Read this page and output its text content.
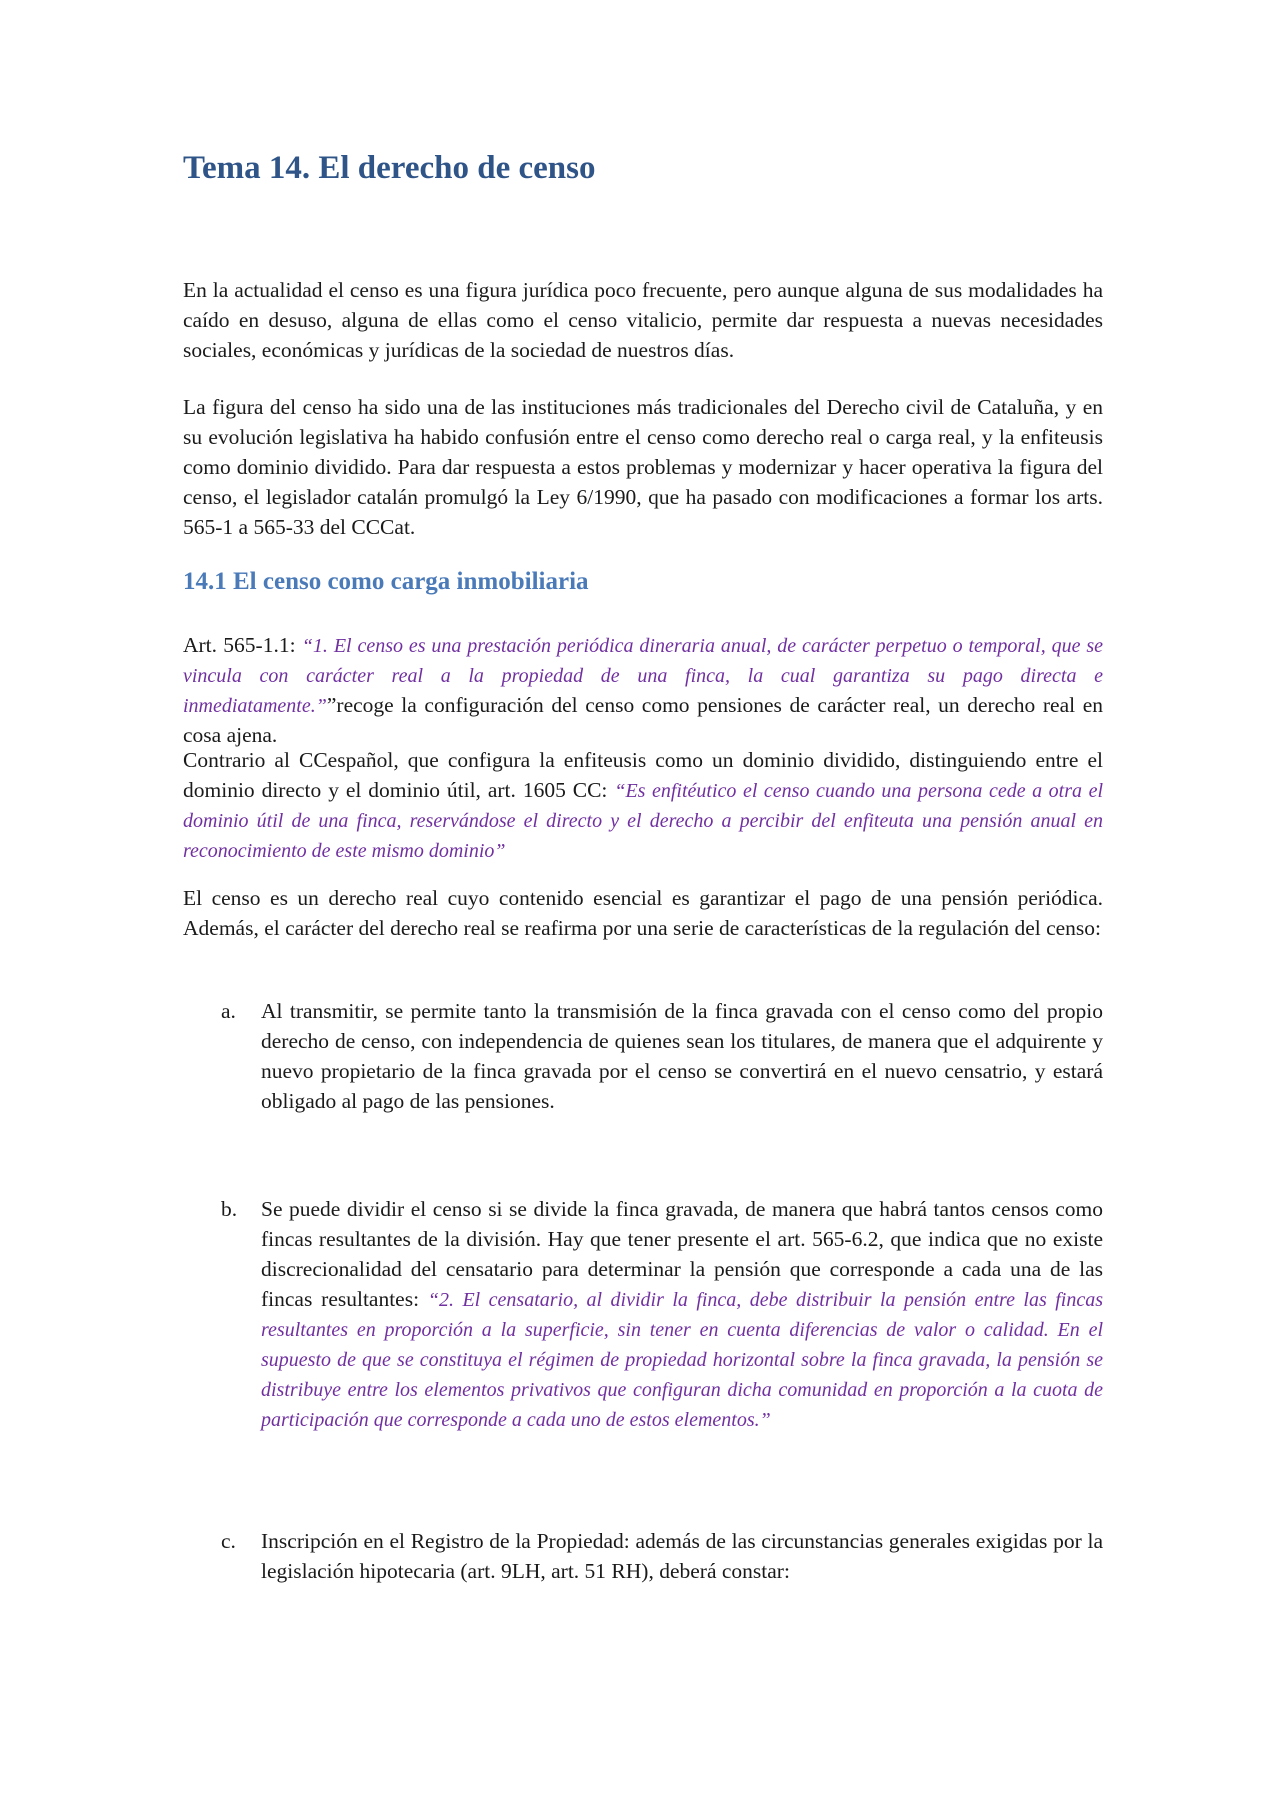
Tema 14. El derecho de censo

En la actualidad el censo es una figura jurídica poco frecuente, pero aunque alguna de sus modalidades ha caído en desuso, alguna de ellas como el censo vitalicio, permite dar respuesta a nuevas necesidades sociales, económicas y jurídicas de la sociedad de nuestros días.

La figura del censo ha sido una de las instituciones más tradicionales del Derecho civil de Cataluña, y en su evolución legislativa ha habido confusión entre el censo como derecho real o carga real, y la enfiteusis como dominio dividido. Para dar respuesta a estos problemas y modernizar y hacer operativa la figura del censo, el legislador catalán promulgó la Ley 6/1990, que ha pasado con modificaciones a formar los arts. 565-1 a 565-33 del CCCat.

14.1 El censo como carga inmobiliaria

Art. 565-1.1: “1. El censo es una prestación periódica dineraria anual, de carácter perpetuo o temporal, que se vincula con carácter real a la propiedad de una finca, la cual garantiza su pago directa e inmediatamente.””recoge la configuración del censo como pensiones de carácter real, un derecho real en cosa ajena.

Contrario al CCespañol, que configura la enfiteusis como un dominio dividido, distinguiendo entre el dominio directo y el dominio útil, art. 1605 CC: “Es enfitéutico el censo cuando una persona cede a otra el dominio útil de una finca, reservándose el directo y el derecho a percibir del enfiteuta una pensión anual en reconocimiento de este mismo dominio”

El censo es un derecho real cuyo contenido esencial es garantizar el pago de una pensión periódica. Además, el carácter del derecho real se reafirma por una serie de características de la regulación del censo:

a. Al transmitir, se permite tanto la transmisión de la finca gravada con el censo como del propio derecho de censo, con independencia de quienes sean los titulares, de manera que el adquirente y nuevo propietario de la finca gravada por el censo se convertirá en el nuevo censatrio, y estará obligado al pago de las pensiones.

b. Se puede dividir el censo si se divide la finca gravada, de manera que habrá tantos censos como fincas resultantes de la división. Hay que tener presente el art. 565-6.2, que indica que no existe discrecionalidad del censatario para determinar la pensión que corresponde a cada una de las fincas resultantes: “2. El censatario, al dividir la finca, debe distribuir la pensión entre las fincas resultantes en proporción a la superficie, sin tener en cuenta diferencias de valor o calidad. En el supuesto de que se constituya el régimen de propiedad horizontal sobre la finca gravada, la pensión se distribuye entre los elementos privativos que configuran dicha comunidad en proporción a la cuota de participación que corresponde a cada uno de estos elementos.”

c. Inscripción en el Registro de la Propiedad: además de las circunstancias generales exigidas por la legislación hipotecaria (art. 9LH, art. 51 RH), deberá constar:
